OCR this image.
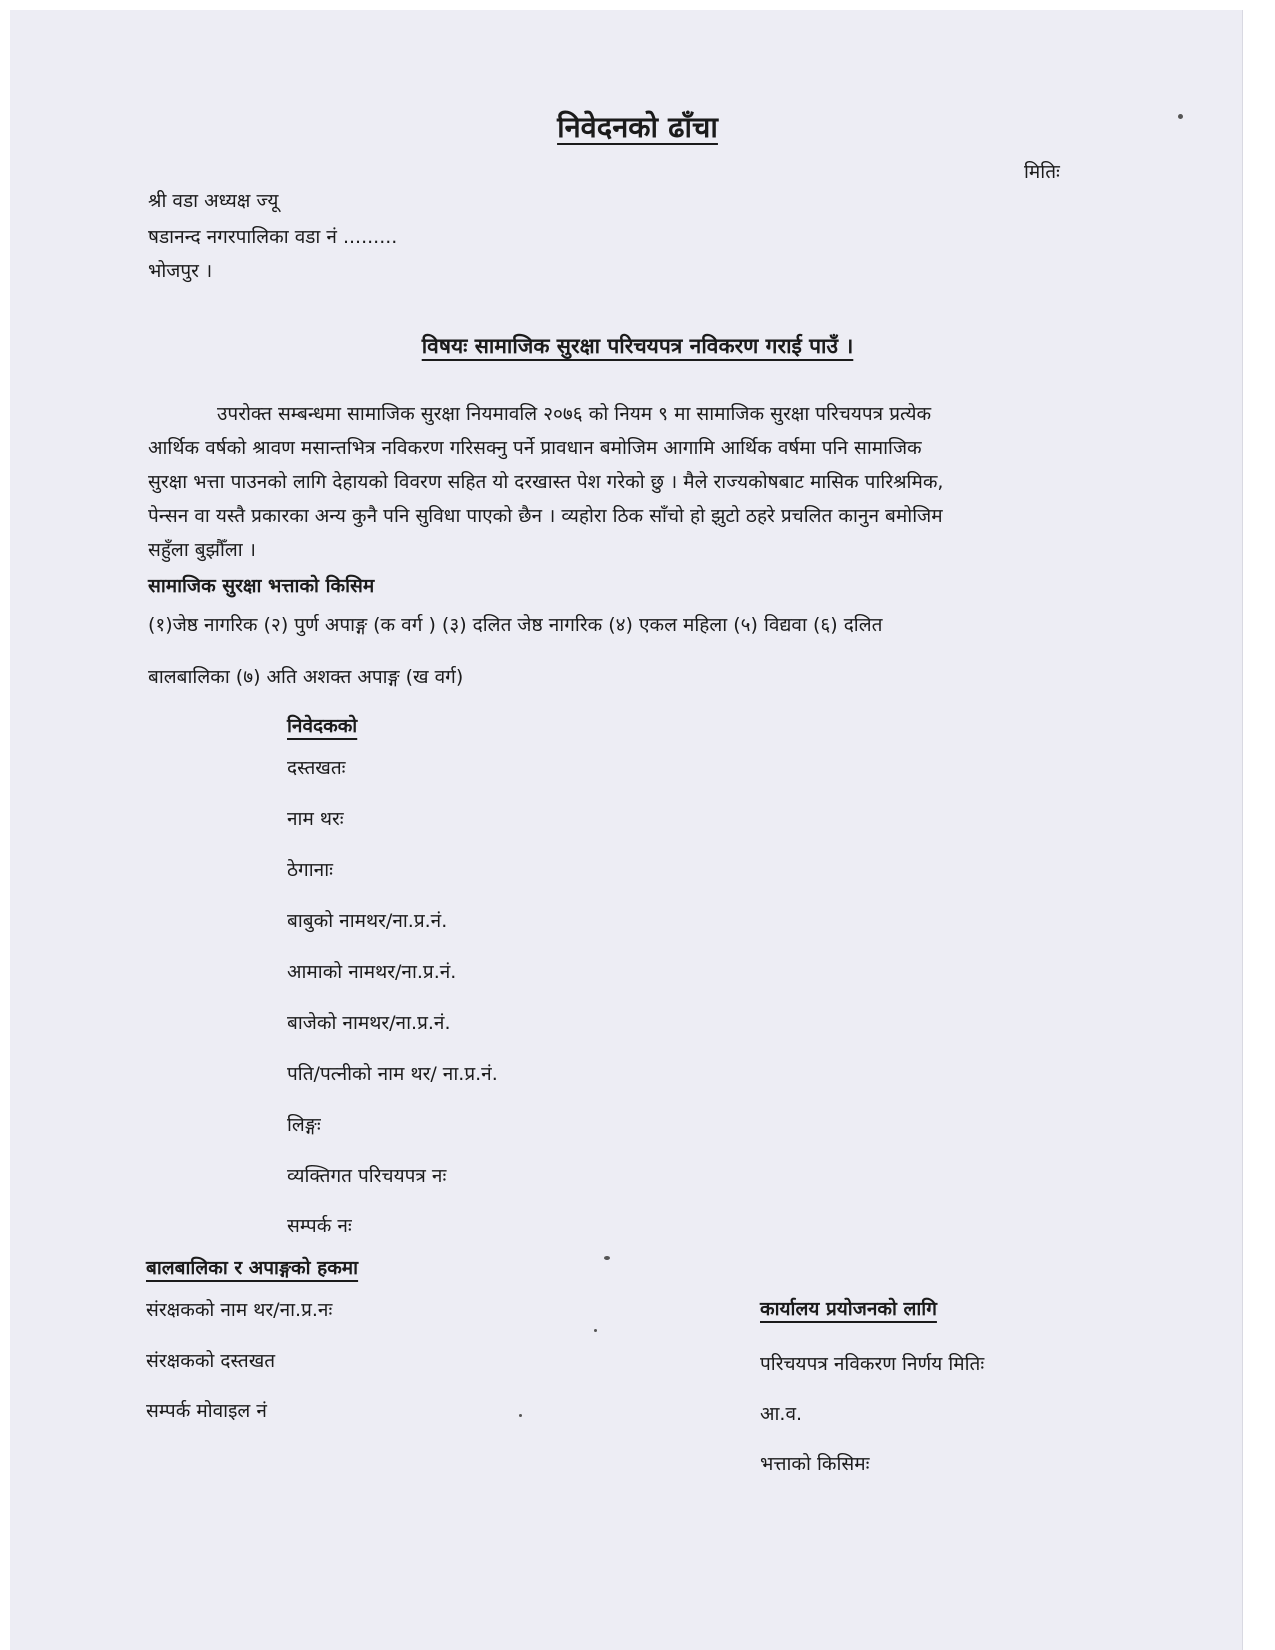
निवेदनको ढाँचा
मितिः
श्री वडा अध्यक्ष ज्यू
षडानन्द नगरपालिका वडा नं .........
भोजपुर ।
विषयः सामाजिक सुरक्षा परिचयपत्र नविकरण गराई पाउँ ।
उपरोक्त सम्बन्धमा सामाजिक सुरक्षा नियमावलि २०७६ को नियम ९ मा सामाजिक सुरक्षा परिचयपत्र प्रत्येक
आर्थिक वर्षको श्रावण मसान्तभित्र नविकरण गरिसक्नु पर्ने प्रावधान बमोजिम आगामि आर्थिक वर्षमा पनि सामाजिक
सुरक्षा भत्ता पाउनको लागि देहायको विवरण सहित यो दरखास्त पेश गरेको छु । मैले राज्यकोषबाट मासिक पारिश्रमिक,
पेन्सन वा यस्तै प्रकारका अन्य कुनै पनि सुविधा पाएको छैन । व्यहोरा ठिक साँचो हो झुटो ठहरे प्रचलित कानुन बमोजिम
सहुँला बुझौँला ।
सामाजिक सुरक्षा भत्ताको किसिम
(१)जेष्ठ नागरिक (२) पुर्ण अपाङ्ग (क वर्ग ) (३) दलित जेष्ठ नागरिक (४) एकल महिला (५) विद्यवा (६) दलित
बालबालिका (७) अति अशक्त अपाङ्ग (ख वर्ग)
निवेदकको
दस्तखतः
नाम थरः
ठेगानाः
बाबुको नामथर/ना.प्र.नं.
आमाको नामथर/ना.प्र.नं.
बाजेको नामथर/ना.प्र.नं.
पति/पत्नीको नाम थर/ ना.प्र.नं.
लिङ्गः
व्यक्तिगत परिचयपत्र नः
सम्पर्क नः
बालबालिका र अपाङ्गको हकमा
संरक्षकको नाम थर/ना.प्र.नः
संरक्षकको दस्तखत
सम्पर्क मोवाइल नं
कार्यालय प्रयोजनको लागि
परिचयपत्र नविकरण निर्णय मितिः
आ.व.
भत्ताको किसिमः
